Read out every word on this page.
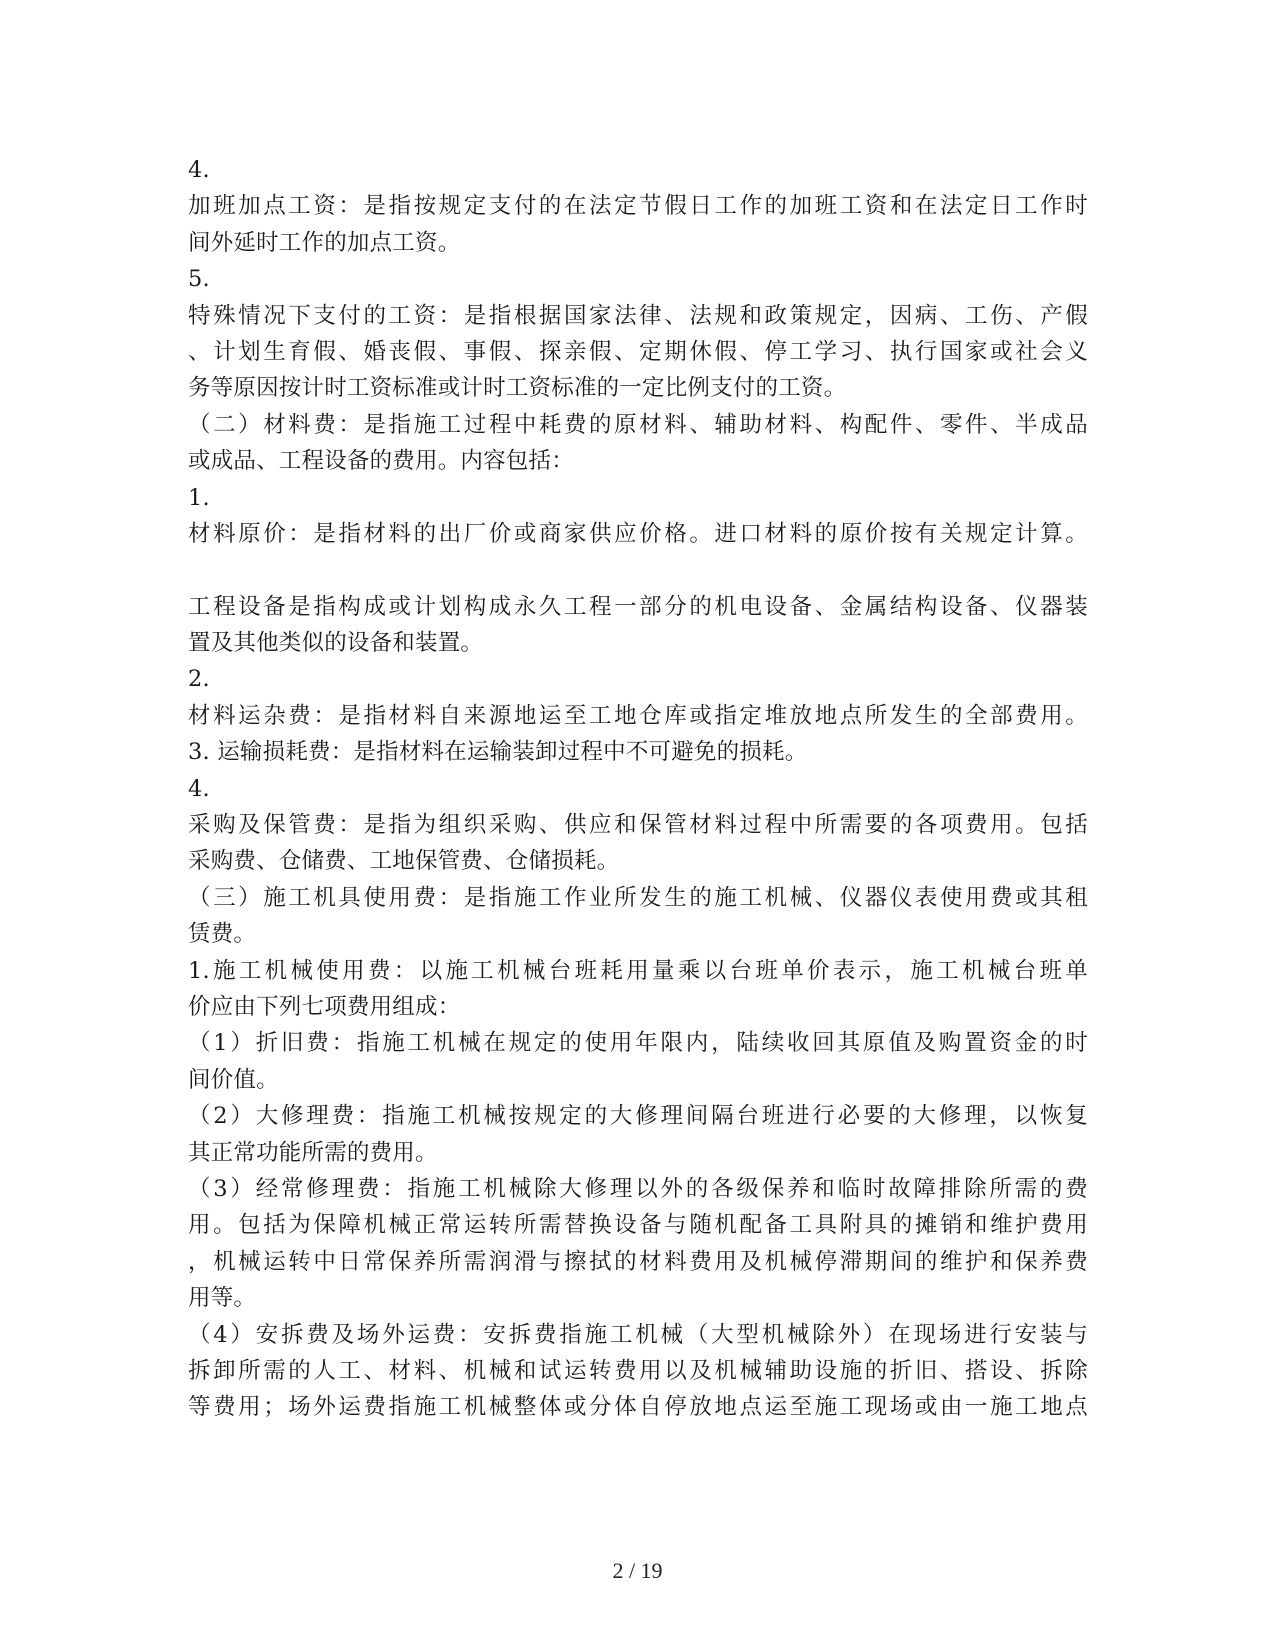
4.
加班加点工资：是指按规定支付的在法定节假日工作的加班工资和在法定日工作时
间外延时工作的加点工资。
5.
特殊情况下支付的工资：是指根据国家法律、法规和政策规定，因病、工伤、产假
、计划生育假、婚丧假、事假、探亲假、定期休假、停工学习、执行国家或社会义
务等原因按计时工资标准或计时工资标准的一定比例支付的工资。
（二）材料费：是指施工过程中耗费的原材料、辅助材料、构配件、零件、半成品
或成品、工程设备的费用。内容包括：
1.
材料原价：是指材料的出厂价或商家供应价格。进口材料的原价按有关规定计算。
工程设备是指构成或计划构成永久工程一部分的机电设备、金属结构设备、仪器装
置及其他类似的设备和装置。
2.
材料运杂费：是指材料自来源地运至工地仓库或指定堆放地点所发生的全部费用。
3. 运输损耗费：是指材料在运输装卸过程中不可避免的损耗。
4.
采购及保管费：是指为组织采购、供应和保管材料过程中所需要的各项费用。包括
采购费、仓储费、工地保管费、仓储损耗。
（三）施工机具使用费：是指施工作业所发生的施工机械、仪器仪表使用费或其租
赁费。
1.施工机械使用费：以施工机械台班耗用量乘以台班单价表示，施工机械台班单
价应由下列七项费用组成：
（1）折旧费：指施工机械在规定的使用年限内，陆续收回其原值及购置资金的时
间价值。
（2）大修理费：指施工机械按规定的大修理间隔台班进行必要的大修理，以恢复
其正常功能所需的费用。
（3）经常修理费：指施工机械除大修理以外的各级保养和临时故障排除所需的费
用。包括为保障机械正常运转所需替换设备与随机配备工具附具的摊销和维护费用
，机械运转中日常保养所需润滑与擦拭的材料费用及机械停滞期间的维护和保养费
用等。
（4）安拆费及场外运费：安拆费指施工机械（大型机械除外）在现场进行安装与
拆卸所需的人工、材料、机械和试运转费用以及机械辅助设施的折旧、搭设、拆除
等费用；场外运费指施工机械整体或分体自停放地点运至施工现场或由一施工地点
2 / 19
